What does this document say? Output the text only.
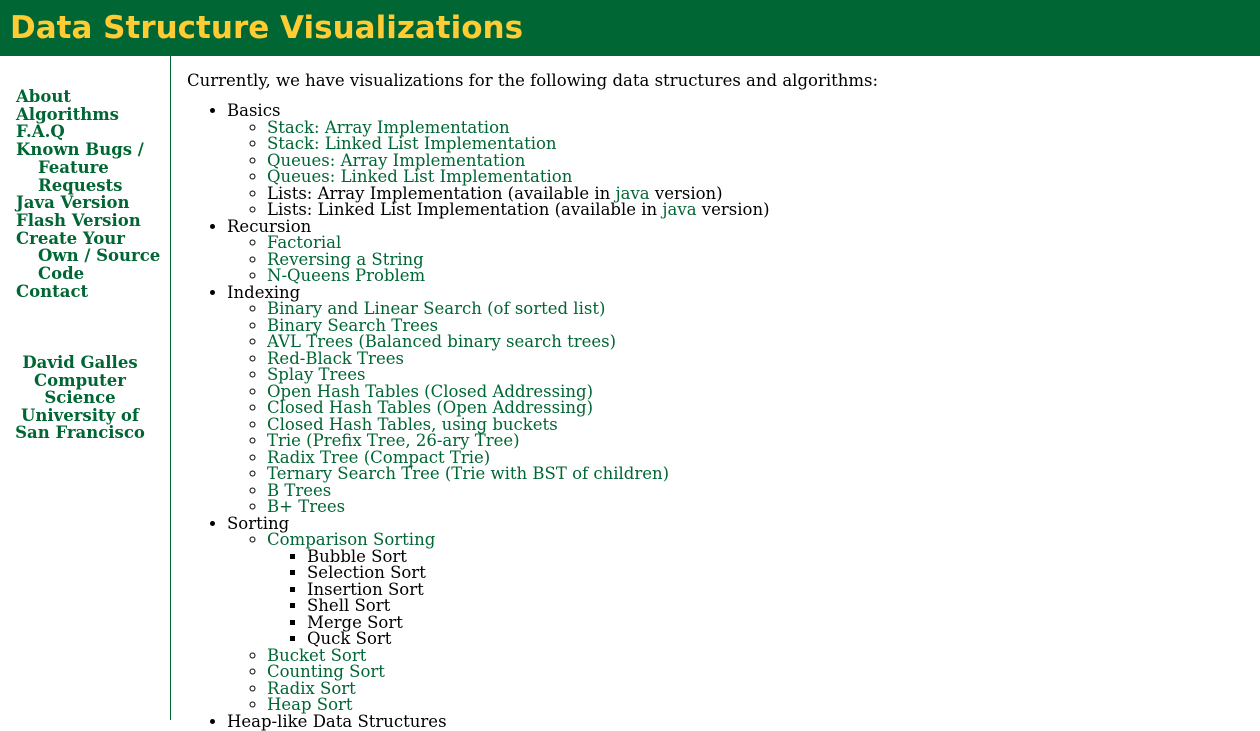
Data Structure Visualizations
About
Algorithms
F.A.Q
Known Bugs / Feature Requests
Java Version
Flash Version
Create Your Own / Source Code
Contact
David Galles
Computer Science
University of San Francisco

Currently, we have visualizations for the following data structures and algorithms:

• Basics
◦ Stack: Array Implementation
◦ Stack: Linked List Implementation
◦ Queues: Array Implementation
◦ Queues: Linked List Implementation
◦ Lists: Array Implementation (available in java version)
◦ Lists: Linked List Implementation (available in java version)
• Recursion
◦ Factorial
◦ Reversing a String
◦ N-Queens Problem
• Indexing
◦ Binary and Linear Search (of sorted list)
◦ Binary Search Trees
◦ AVL Trees (Balanced binary search trees)
◦ Red-Black Trees
◦ Splay Trees
◦ Open Hash Tables (Closed Addressing)
◦ Closed Hash Tables (Open Addressing)
◦ Closed Hash Tables, using buckets
◦ Trie (Prefix Tree, 26-ary Tree)
◦ Radix Tree (Compact Trie)
◦ Ternary Search Tree (Trie with BST of children)
◦ B Trees
◦ B+ Trees
• Sorting
◦ Comparison Sorting
▪ Bubble Sort
▪ Selection Sort
▪ Insertion Sort
▪ Shell Sort
▪ Merge Sort
▪ Quck Sort
◦ Bucket Sort
◦ Counting Sort
◦ Radix Sort
◦ Heap Sort
• Heap-like Data Structures
